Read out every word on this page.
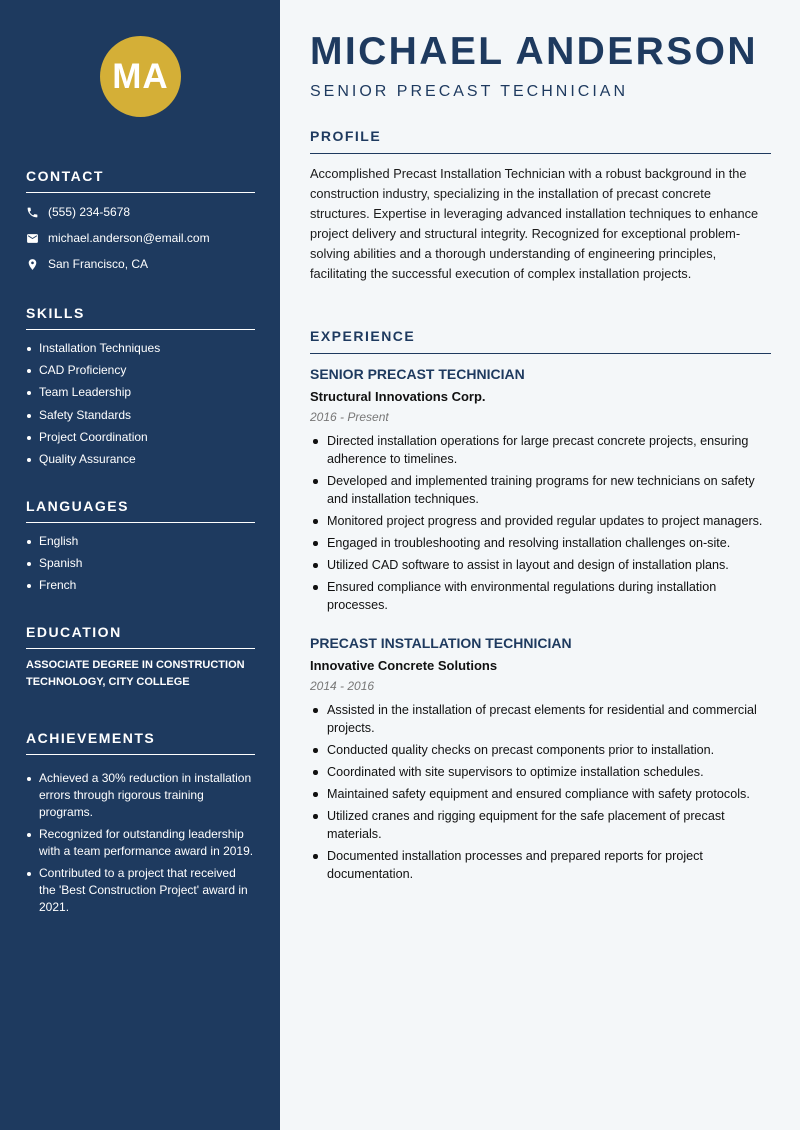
MA
CONTACT
(555) 234-5678
michael.anderson@email.com
San Francisco, CA
SKILLS
Installation Techniques
CAD Proficiency
Team Leadership
Safety Standards
Project Coordination
Quality Assurance
LANGUAGES
English
Spanish
French
EDUCATION
ASSOCIATE DEGREE IN CONSTRUCTION TECHNOLOGY, CITY COLLEGE
ACHIEVEMENTS
Achieved a 30% reduction in installation errors through rigorous training programs.
Recognized for outstanding leadership with a team performance award in 2019.
Contributed to a project that received the 'Best Construction Project' award in 2021.
MICHAEL ANDERSON
SENIOR PRECAST TECHNICIAN
PROFILE
Accomplished Precast Installation Technician with a robust background in the construction industry, specializing in the installation of precast concrete structures. Expertise in leveraging advanced installation techniques to enhance project delivery and structural integrity. Recognized for exceptional problem-solving abilities and a thorough understanding of engineering principles, facilitating the successful execution of complex installation projects.
EXPERIENCE
SENIOR PRECAST TECHNICIAN
Structural Innovations Corp.
2016 - Present
Directed installation operations for large precast concrete projects, ensuring adherence to timelines.
Developed and implemented training programs for new technicians on safety and installation techniques.
Monitored project progress and provided regular updates to project managers.
Engaged in troubleshooting and resolving installation challenges on-site.
Utilized CAD software to assist in layout and design of installation plans.
Ensured compliance with environmental regulations during installation processes.
PRECAST INSTALLATION TECHNICIAN
Innovative Concrete Solutions
2014 - 2016
Assisted in the installation of precast elements for residential and commercial projects.
Conducted quality checks on precast components prior to installation.
Coordinated with site supervisors to optimize installation schedules.
Maintained safety equipment and ensured compliance with safety protocols.
Utilized cranes and rigging equipment for the safe placement of precast materials.
Documented installation processes and prepared reports for project documentation.
